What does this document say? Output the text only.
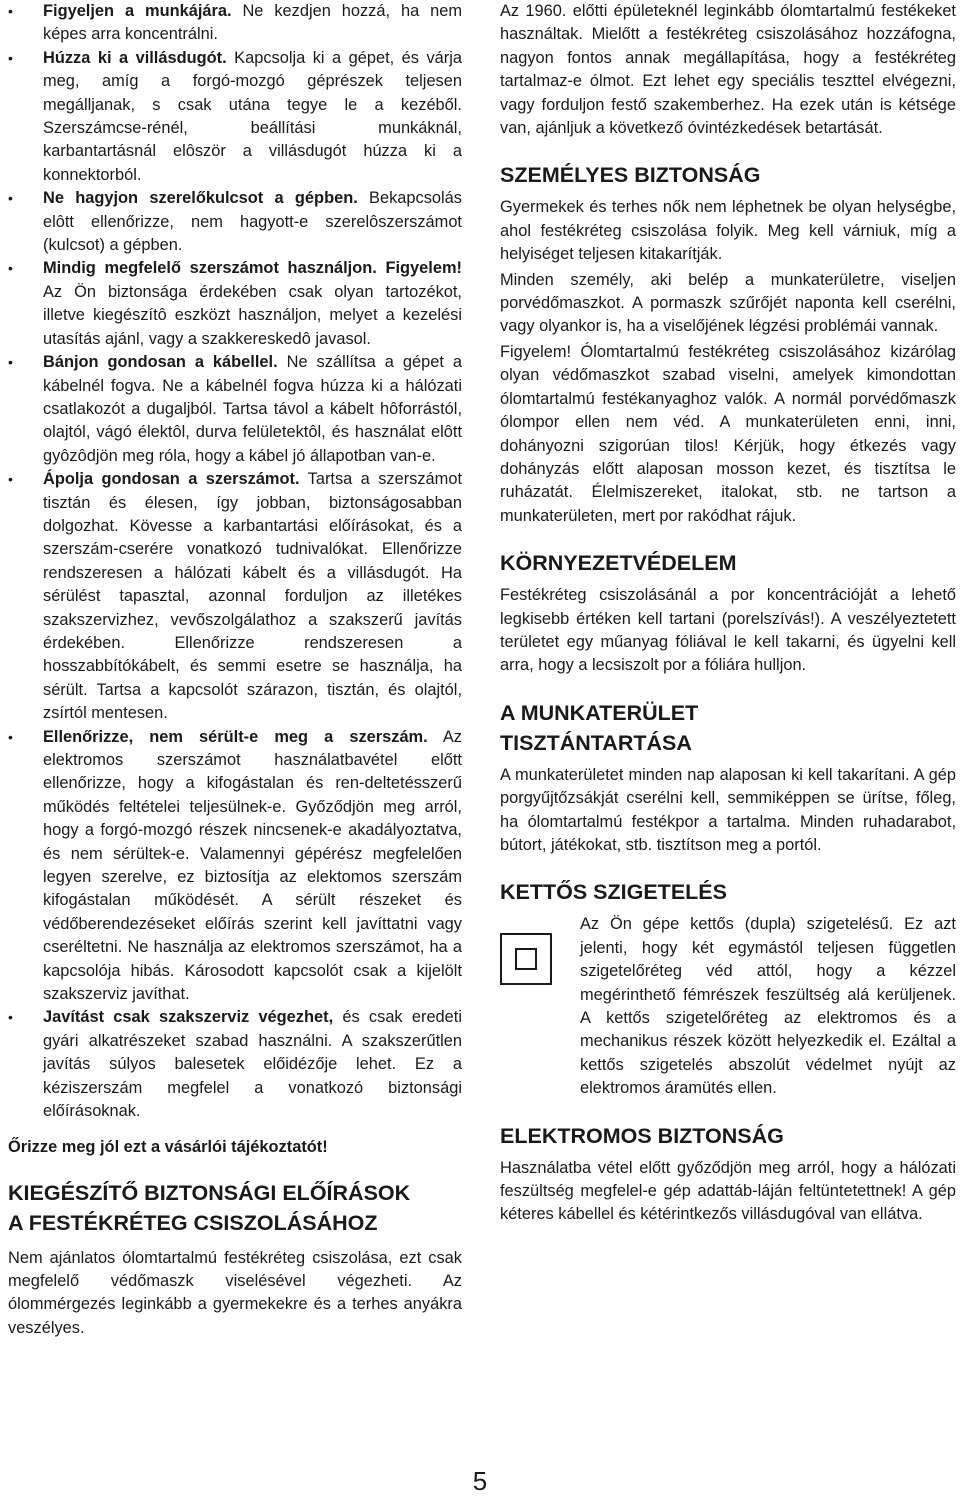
• Figyeljen a munkájára. Ne kezdjen hozzá, ha nem képes arra koncentrálni.
• Húzza ki a villásdugót. Kapcsolja ki a gépet, és várja meg, amíg a forgó-mozgó géprészek teljesen megálljanak, s csak utána tegye le a kezéből. Szerszámcse-rénél, beállítási munkáknál, karbantartásnál elôször a villásdugót húzza ki a konnektorból.
• Ne hagyjon szerelőkulcsot a gépben. Bekapcsolás elôtt ellenőrizze, nem hagyott-e szerelôszerszámot (kulcsot) a gépben.
• Mindig megfelelő szerszámot használjon. Figyelem! Az Ön biztonsága érdekében csak olyan tartozékot, illetve kiegészítô eszközt használjon, melyet a kezelési utasítás ajánl, vagy a szakkereskedô javasol.
• Bánjon gondosan a kábellel. Ne szállítsa a gépet a kábelnél fogva. Ne a kábelnél fogva húzza ki a hálózati csatlakozót a dugaljból. Tartsa távol a kábelt hôforrástól, olajtól, vágó élektôl, durva felületektôl, és használat elôtt gyôzôdjön meg róla, hogy a kábel jó állapotban van-e.
• Ápolja gondosan a szerszámot. Tartsa a szerszámot tisztán és élesen, így jobban, biztonságosabban dolgozhat. Kövesse a karbantartási előírásokat, és a szerszám-cserére vonatkozó tudnivalókat. Ellenőrizze rendszeresen a hálózati kábelt és a villásdugót. Ha sérülést tapasztal, azonnal forduljon az illetékes szakszervizhez, vevőszolgálathoz a szakszerű javítás érdekében. Ellenőrizze rendszeresen a hosszabbítókábelt, és semmi esetre se használja, ha sérült. Tartsa a kapcsolót szárazon, tisztán, és olajtól, zsírtól mentesen.
• Ellenőrizze, nem sérült-e meg a szerszám. Az elektromos szerszámot használatbavétel előtt ellenőrizze, hogy a kifogástalan és ren-deltetésszerű működés feltételei teljesülnek-e. Győződjön meg arról, hogy a forgó-mozgó részek nincsenek-e akadályoztatva, és nem sérültek-e. Valamennyi gépérész megfelelően legyen szerelve, ez biztosítja az elektomos szerszám kifogástalan működését. A sérült részeket és védőberendezéseket előírás szerint kell javíttatni vagy cseréltetni. Ne használja az elektromos szerszámot, ha a kapcsolója hibás. Károsodott kapcsolót csak a kijelölt szakszerviz javíthat.
• Javítást csak szakszerviz végezhet, és csak eredeti gyári alkatrészeket szabad használni. A szakszerűtlen javítás súlyos balesetek előidézője lehet. Ez a kéziszerszám megfelel a vonatkozó biztonsági előírásoknak.
Őrizze meg jól ezt a vásárlói tájékoztatót!
KIEGÉSZÍTŐ BIZTONSÁGI ELŐÍRÁSOK
A FESTÉKRÉTEG CSISZOLÁSÁHOZ

Nem ajánlatos ólomtartalmú festékréteg csiszolása, ezt csak megfelelő védőmaszk viselésével végezheti. Az ólommérgezés leginkább a gyermekekre és a terhes anyákra veszélyes.

Az 1960. előtti épületeknél leginkább ólomtartalmú festékeket használtak. Mielőtt a festékréteg csiszolásához hozzáfogna, nagyon fontos annak megállapítása, hogy a festékréteg tartalmaz-e ólmot. Ezt lehet egy speciális teszttel elvégezni, vagy forduljon festő szakemberhez. Ha ezek után is kétsége van, ajánljuk a következő óvintézkedések betartását.

SZEMÉLYES BIZTONSÁG

Gyermekek és terhes nők nem léphetnek be olyan helységbe, ahol festékréteg csiszolása folyik. Meg kell várniuk, míg a helyiséget teljesen kitakarítják.

Minden személy, aki belép a munkaterületre, viseljen porvédőmaszkot. A pormaszk szűrőjét naponta kell cserélni, vagy olyankor is, ha a viselőjének légzési problémái vannak.

Figyelem! Ólomtartalmú festékréteg csiszolásához kizárólag olyan védőmaszkot szabad viselni, amelyek kimondottan ólomtartalmú festékanyaghoz valók. A normál porvédőmaszk ólompor ellen nem véd. A munkaterületen enni, inni, dohányozni szigorúan tilos! Kérjük, hogy étkezés vagy dohányzás előtt alaposan mosson kezet, és tisztítsa le ruházatát. Élelmiszereket, italokat, stb. ne tartson a munkaterületen, mert por rakódhat rájuk.

KÖRNYEZETVÉDELEM

Festékréteg csiszolásánál a por koncentrációját a lehető legkisebb értéken kell tartani (porelszívás!). A veszélyeztetett területet egy műanyag fóliával le kell takarni, és ügyelni kell arra, hogy a lecsiszolt por a fóliára hulljon.

A MUNKATERÜLET
TISZTÁNTARTÁSA

A munkaterületet minden nap alaposan ki kell takarítani. A gép porgyűjtőzsákját cserélni kell, semmiképpen se ürítse, főleg, ha ólomtartalmú festékpor a tartalma. Minden ruhadarabot, bútort, játékokat, stb. tisztítson meg a portól.

KETTŐS SZIGETELÉS

Az Ön gépe kettős (dupla) szigetelésű. Ez azt jelenti, hogy két egymástól teljesen független szigetelőréteg véd attól, hogy a kézzel megérinthető fémrészek feszültség alá kerüljenek. A kettős szigetelőréteg az elektromos és a mechanikus részek között helyezkedik el. Ezáltal a kettős szigetelés abszolút védelmet nyújt az elektromos áramütés ellen.

ELEKTROMOS BIZTONSÁG

Használatba vétel előtt győződjön meg arról, hogy a hálózati feszültség megfelel-e gép adattáb-láján feltüntetettnek! A gép kéteres kábellel és kétérintkezős villásdugóval van ellátva.

5
